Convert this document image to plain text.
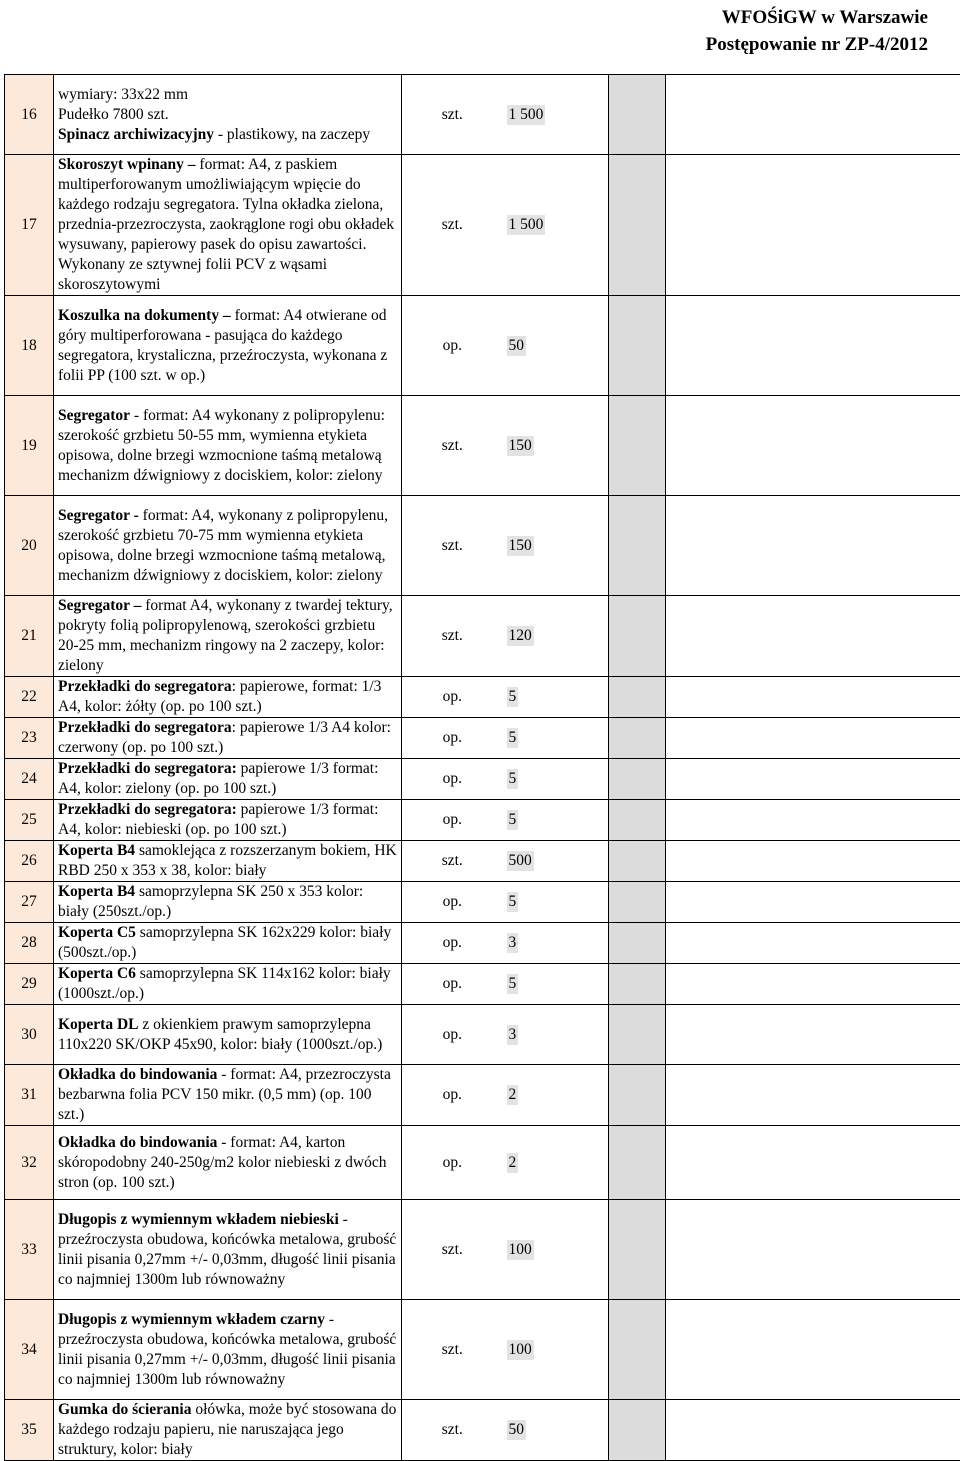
WFOŚiGW w Warszawie
Postępowanie nr ZP-4/2012
16	wymiary: 33x22 mm
Pudełko 7800 szt.
Spinacz archiwizacyjny - plastikowy, na zaczepy	szt.	1 500		
17	Skoroszyt wpinany – format: A4, z paskiem multiperforowanym umożliwiającym wpięcie do każdego rodzaju segregatora. Tylna okładka zielona, przednia-przezroczysta, zaokrąglone rogi obu okładek wysuwany, papierowy pasek do opisu zawartości. Wykonany ze sztywnej folii PCV z wąsami skoroszytowymi	szt.	1 500		
18	Koszulka na dokumenty – format: A4 otwierane od góry multiperforowana - pasująca do każdego segregatora, krystaliczna, przeźroczysta, wykonana z folii PP (100 szt. w op.)	op.	50		
19	Segregator - format: A4 wykonany z polipropylenu: szerokość grzbietu 50-55 mm, wymienna etykieta opisowa, dolne brzegi wzmocnione taśmą metalową mechanizm dźwigniowy z dociskiem, kolor: zielony	szt.	150		
20	Segregator - format: A4, wykonany z polipropylenu, szerokość grzbietu 70-75 mm wymienna etykieta opisowa, dolne brzegi wzmocnione taśmą metalową, mechanizm dźwigniowy z dociskiem, kolor: zielony	szt.	150		
21	Segregator – format A4, wykonany z twardej tektury, pokryty folią polipropylenową, szerokości grzbietu 20-25 mm, mechanizm ringowy na 2 zaczepy, kolor: zielony	szt.	120		
22	Przekładki do segregatora: papierowe, format: 1/3 A4, kolor: żółty (op. po 100 szt.)	op.	5		
23	Przekładki do segregatora: papierowe 1/3 A4 kolor: czerwony (op. po 100 szt.)	op.	5		
24	Przekładki do segregatora: papierowe 1/3 format: A4, kolor: zielony (op. po 100 szt.)	op.	5		
25	Przekładki do segregatora: papierowe 1/3 format: A4, kolor: niebieski (op. po 100 szt.)	op.	5		
26	Koperta B4 samoklejąca z rozszerzanym bokiem, HK RBD 250 x 353 x 38, kolor: biały	szt.	500		
27	Koperta B4 samoprzylepna SK 250 x 353 kolor: biały (250szt./op.)	op.	5		
28	Koperta C5 samoprzylepna SK 162x229 kolor: biały (500szt./op.)	op.	3		
29	Koperta C6 samoprzylepna SK 114x162 kolor: biały (1000szt./op.)	op.	5		
30	Koperta DL z okienkiem prawym samoprzylepna 110x220 SK/OKP 45x90, kolor: biały (1000szt./op.)	op.	3		
31	Okładka do bindowania - format: A4, przezroczysta bezbarwna folia PCV 150 mikr. (0,5 mm) (op. 100 szt.)	op.	2		
32	Okładka do bindowania - format: A4, karton skóropodobny 240-250g/m2 kolor niebieski z dwóch stron (op. 100 szt.)	op.	2		
33	Długopis z wymiennym wkładem niebieski - przeźroczysta obudowa, końcówka metalowa, grubość linii pisania 0,27mm +/- 0,03mm, długość linii pisania co najmniej 1300m lub równoważny	szt.	100		
34	Długopis z wymiennym wkładem czarny - przeźroczysta obudowa, końcówka metalowa, grubość linii pisania 0,27mm +/- 0,03mm, długość linii pisania co najmniej 1300m lub równoważny	szt.	100		
35	Gumka do ścierania ołówka, może być stosowana do każdego rodzaju papieru, nie naruszająca jego struktury, kolor: biały	szt.	50		
